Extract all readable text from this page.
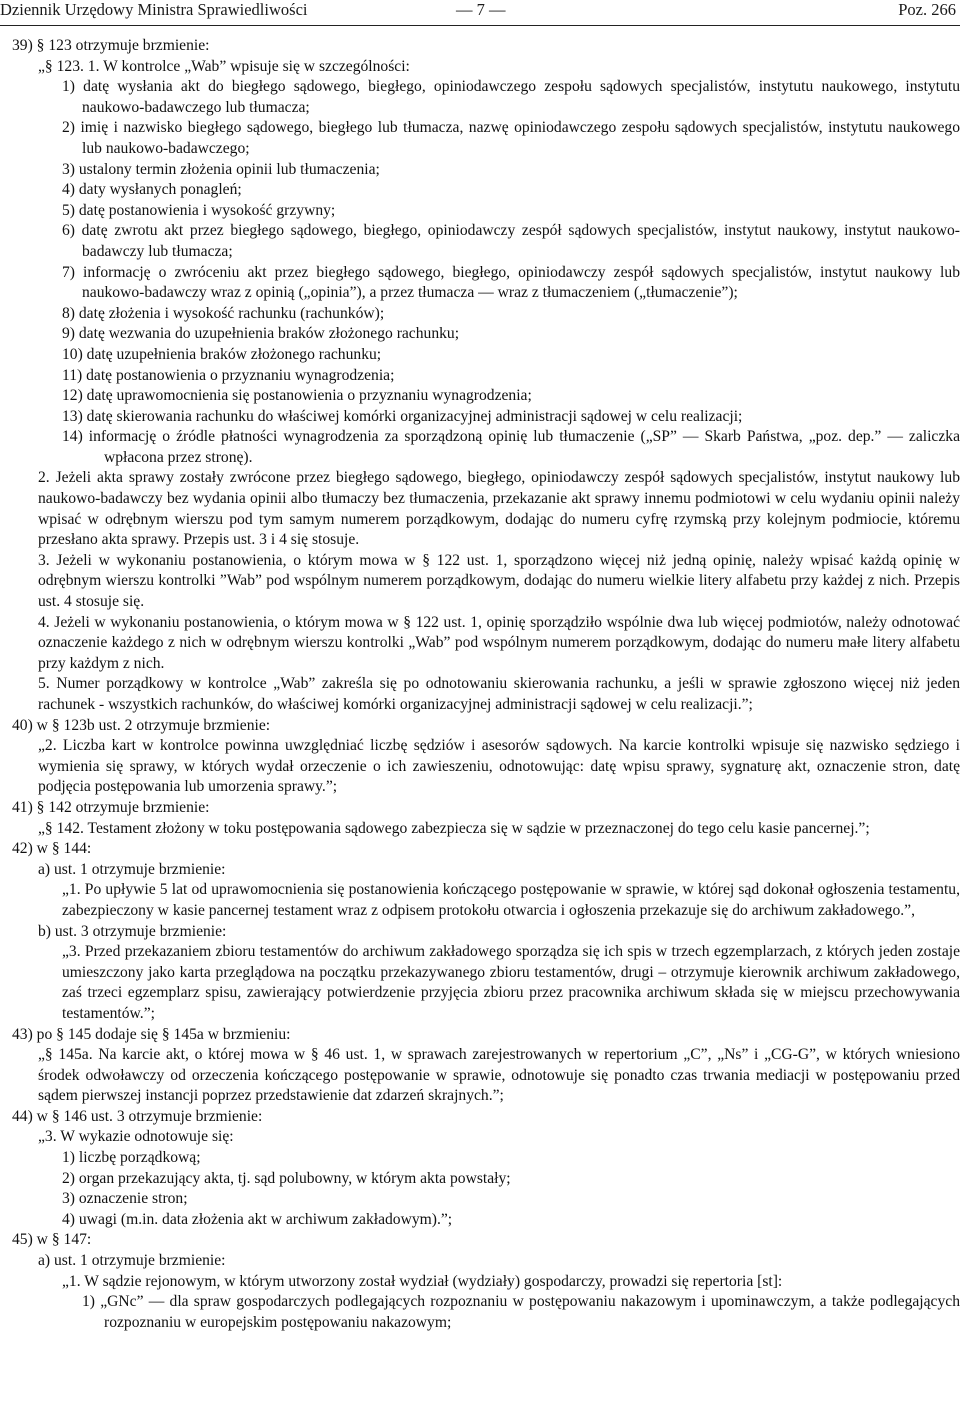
Dziennik Urzędowy Ministra Sprawiedliwości	— 7 —	Poz. 266

39) § 123 otrzymuje brzmienie:

„§ 123. 1. W kontrolce „Wab” wpisuje się w szczególności:

1) datę wysłania akt do biegłego sądowego, biegłego, opiniodawczego zespołu sądowych specjalistów, instytutu naukowego, instytutu naukowo-badawczego lub tłumacza;

2) imię i nazwisko biegłego sądowego, biegłego lub tłumacza, nazwę opiniodawczego zespołu sądowych specjalistów, instytutu naukowego lub naukowo-badawczego;

3) ustalony termin złożenia opinii lub tłumaczenia;

4) daty wysłanych ponagleń;

5) datę postanowienia i wysokość grzywny;

6) datę zwrotu akt przez biegłego sądowego, biegłego, opiniodawczy zespół sądowych specjalistów, instytut naukowy, instytut naukowo-badawczy lub tłumacza;

7) informację o zwróceniu akt przez biegłego sądowego, biegłego, opiniodawczy zespół sądowych specjalistów, instytut naukowy lub naukowo-badawczy wraz z opinią („opinia”), a przez tłumacza — wraz z tłumaczeniem („tłumaczenie”);

8) datę złożenia i wysokość rachunku (rachunków);

9) datę wezwania do uzupełnienia braków złożonego rachunku;

10) datę uzupełnienia braków złożonego rachunku;

11) datę postanowienia o przyznaniu wynagrodzenia;

12) datę uprawomocnienia się postanowienia o przyznaniu wynagrodzenia;

13) datę skierowania rachunku do właściwej komórki organizacyjnej administracji sądowej w celu realizacji;

14) informację o źródle płatności wynagrodzenia za sporządzoną opinię lub tłumaczenie („SP” — Skarb Państwa, „poz. dep.” — zaliczka wpłacona przez stronę).

2. Jeżeli akta sprawy zostały zwrócone przez biegłego sądowego, biegłego, opiniodawczy zespół sądowych specjalistów, instytut naukowy lub naukowo-badawczy bez wydania opinii albo tłumaczy bez tłumaczenia, przekazanie akt sprawy innemu podmiotowi w celu wydaniu opinii należy wpisać w odrębnym wierszu pod tym samym numerem porządkowym, dodając do numeru cyfrę rzymską przy kolejnym podmiocie, któremu przesłano akta sprawy. Przepis ust. 3 i 4 się stosuje.

3. Jeżeli w wykonaniu postanowienia, o którym mowa w § 122 ust. 1, sporządzono więcej niż jedną opinię, należy wpisać każdą opinię w odrębnym wierszu kontrolki ”Wab” pod wspólnym numerem porządkowym, dodając do numeru wielkie litery alfabetu przy każdej z nich. Przepis ust. 4 stosuje się.

4. Jeżeli w wykonaniu postanowienia, o którym mowa w § 122 ust. 1, opinię sporządziło wspólnie dwa lub więcej podmiotów, należy odnotować oznaczenie każdego z nich w odrębnym wierszu kontrolki „Wab” pod wspólnym numerem porządkowym, dodając do numeru małe litery alfabetu przy każdym z nich.

5. Numer porządkowy w kontrolce „Wab” zakreśla się po odnotowaniu skierowania rachunku, a jeśli w sprawie zgłoszono więcej niż jeden rachunek - wszystkich rachunków, do właściwej komórki organizacyjnej administracji sądowej w celu realizacji.”;

40) w § 123b ust. 2 otrzymuje brzmienie:

„2. Liczba kart w kontrolce powinna uwzględniać liczbę sędziów i asesorów sądowych. Na karcie kontrolki wpisuje się nazwisko sędziego i wymienia się sprawy, w których wydał orzeczenie o ich zawieszeniu, odnotowując: datę wpisu sprawy, sygnaturę akt, oznaczenie stron, datę podjęcia postępowania lub umorzenia sprawy.”;

41) § 142 otrzymuje brzmienie:

„§ 142. Testament złożony w toku postępowania sądowego zabezpiecza się w sądzie w przeznaczonej do tego celu kasie pancernej.”;

42) w § 144:

a) ust. 1 otrzymuje brzmienie:

„1. Po upływie 5 lat od uprawomocnienia się postanowienia kończącego postępowanie w sprawie, w której sąd dokonał ogłoszenia testamentu, zabezpieczony w kasie pancernej testament wraz z odpisem protokołu otwarcia i ogłoszenia przekazuje się do archiwum zakładowego.”,

b) ust. 3 otrzymuje brzmienie:

„3. Przed przekazaniem zbioru testamentów do archiwum zakładowego sporządza się ich spis w trzech egzemplarzach, z których jeden zostaje umieszczony jako karta przeglądowa na początku przekazywanego zbioru testamentów, drugi – otrzymuje kierownik archiwum zakładowego, zaś trzeci egzemplarz spisu, zawierający potwierdzenie przyjęcia zbioru przez pracownika archiwum składa się w miejscu przechowywania testamentów.”;

43) po § 145 dodaje się § 145a w brzmieniu:

„§ 145a. Na karcie akt, o której mowa w § 46 ust. 1, w sprawach zarejestrowanych w repertorium „C”, „Ns” i „CG-G”, w których wniesiono środek odwoławczy od orzeczenia kończącego postępowanie w sprawie, odnotowuje się ponadto czas trwania mediacji w postępowaniu przed sądem pierwszej instancji poprzez przedstawienie dat zdarzeń skrajnych.”;

44) w § 146 ust. 3 otrzymuje brzmienie:

„3. W wykazie odnotowuje się:

1) liczbę porządkową;

2) organ przekazujący akta, tj. sąd polubowny, w którym akta powstały;

3) oznaczenie stron;

4) uwagi (m.in. data złożenia akt w archiwum zakładowym).”;

45) w § 147:

a) ust. 1 otrzymuje brzmienie:

„1. W sądzie rejonowym, w którym utworzony został wydział (wydziały) gospodarczy, prowadzi się repertoria [st]:

1) „GNc” — dla spraw gospodarczych podlegających rozpoznaniu w postępowaniu nakazowym i upominawczym, a także podlegających rozpoznaniu w europejskim postępowaniu nakazowym;
